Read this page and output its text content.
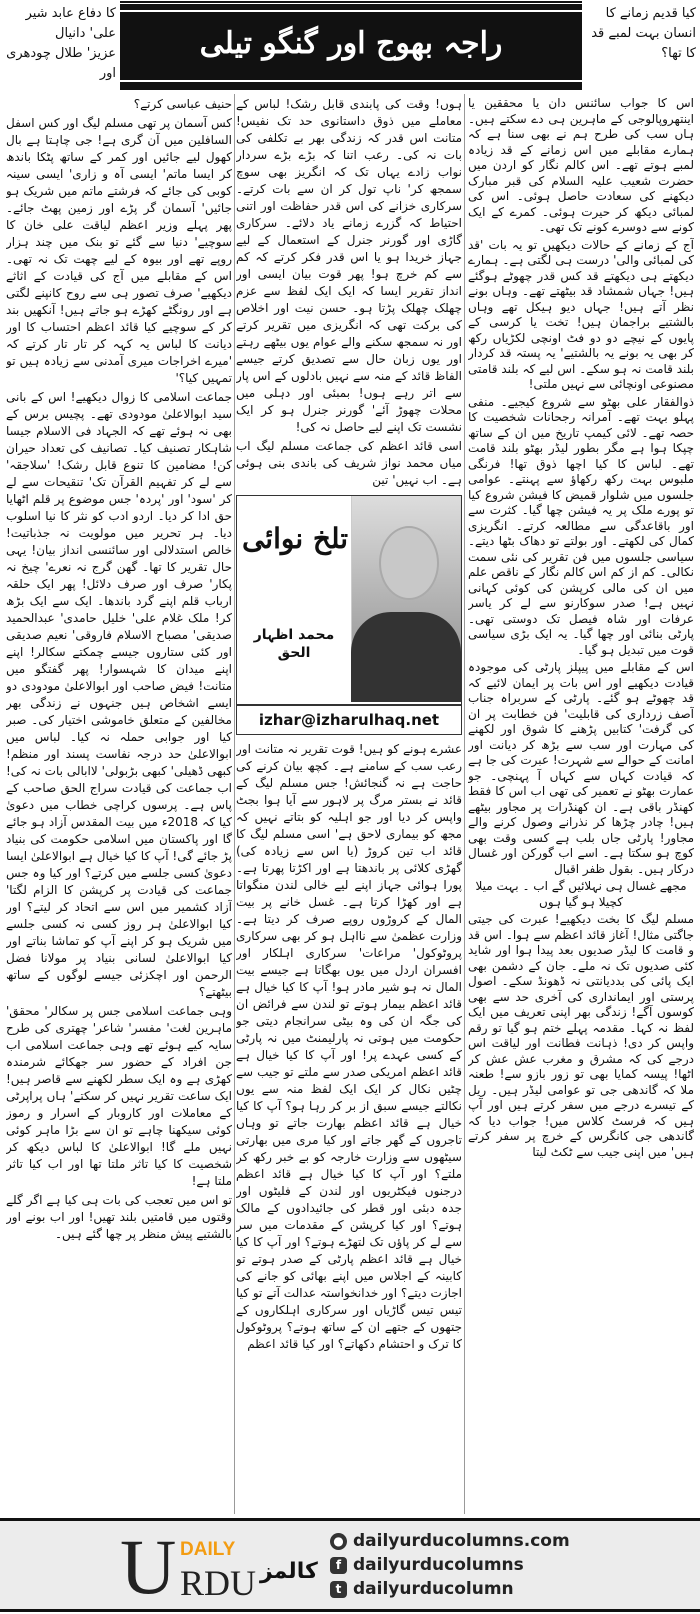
کیا قدیم زمانے کا
انسان بہت لمبے قد کا تھا؟
راجہ بھوج اور گنگو تیلی
کا دفاع عابد شیر علی' دانیال
عزیز' طلال چودھری اور

اس کا جواب سائنس دان یا محققین یا اینتھروپالوجی کے ماہرین ہی دے سکتے ہیں۔ ہاں سب کی طرح ہم نے بھی سنا ہے کہ ہمارے مقابلے میں اس زمانے کے قد زیادہ لمبے ہوتے تھے۔ اس کالم نگار کو اردن میں حضرت شعیب علیہ السلام کی قبر مبارک دیکھنے کی سعادت حاصل ہوئی۔ اس کی لمبائی دیکھ کر حیرت ہوئی۔ کمرے کے ایک کونے سے دوسرے کونے تک تھی۔

آج کے زمانے کے حالات دیکھیں تو یہ بات 'قد کی لمبائی والی' درست ہی لگتی ہے۔ ہمارے دیکھتے ہی دیکھتے قد کس قدر چھوٹے ہوگئے ہیں! جہاں شمشاد قد بیٹھتے تھے۔ وہاں بونے نظر آتے ہیں! جہاں دیو ہیکل تھے وہاں بالشتیے براجمان ہیں! تخت یا کرسی کے پایوں کے نیچے دو دو فٹ اونچی لکڑیاں رکھ کر بھی یہ بونے یہ بالشتیے' یہ پستہ قد کردار بلند قامت نہ ہو سکے۔ اس لیے کہ بلند قامتی مصنوعی اونچائی سے نہیں ملتی!

ذوالفقار علی بھٹو سے شروع کیجیے۔ منفی پہلو بہت تھے۔ آمرانہ رجحانات شخصیت کا حصہ تھے۔ لائی کیمپ تاریخ میں ان کے ساتھ چپکا ہوا ہے مگر بطور لیڈر بھٹو بلند قامت تھے۔ لباس کا کیا اچھا ذوق تھا! فرنگی ملبوس بہت رکھ رکھاؤ سے پہنتے۔ عوامی جلسوں میں شلوار قمیض کا فیشن شروع کیا تو پورے ملک پر یہ فیشن چھا گیا۔ کثرت سے اور باقاعدگی سے مطالعہ کرتے۔ انگریزی کمال کی لکھتے۔ اور بولتے تو دھاک بٹھا دیتے۔ سیاسی جلسوں میں فن تقریر کی نئی سمت نکالی۔ کم از کم اس کالم نگار کے ناقص علم میں ان کی مالی کرپشن کی کوئی کہانی نہیں ہے! صدر سوکارنو سے لے کر یاسر عرفات اور شاہ فیصل تک دوستی تھی۔ پارٹی بنائی اور چھا گیا۔ یہ ایک بڑی سیاسی قوت میں تبدیل ہو گیا۔

اس کے مقابلے میں پیپلز پارٹی کی موجودہ قیادت دیکھیے اور اس بات پر ایمان لائیے کہ قد چھوٹے ہو گئے۔ پارٹی کے سربراہ جناب آصف زرداری کی قابلیت' فن خطابت پر ان کی گرفت' کتابیں پڑھنے کا شوق اور لکھنے کی مہارت اور سب سے بڑھ کر دیانت اور امانت کے حوالے سے شہرت! عبرت کی جا ہے کہ قیادت کہاں سے کہاں آ پہنچی۔ جو عمارت بھٹو نے تعمیر کی تھی اب اس کا فقط کھنڈر باقی ہے۔ ان کھنڈرات پر مجاور بیٹھے ہیں! چادر چڑھا کر نذرانے وصول کرنے والے مجاور! پارٹی جاں بلب ہے کسی وقت بھی کوچ ہو سکتا ہے۔ اسے اب گورکن اور غسال درکار ہیں۔ بقول ظفر اقبال

مجھے غسال ہی نہلائیں گے اب ۔ بہت میلا کچیلا ہو گیا ہوں

مسلم لیگ کا بخت دیکھیے! عبرت کی جیتی جاگتی مثال! آغاز قائد اعظم سے ہوا۔ اس قد و قامت کا لیڈر صدیوں بعد پیدا ہوا اور شاید کئی صدیوں تک نہ ملے۔ جان کے دشمن بھی ایک پائی کی بددیانتی نہ ڈھونڈ سکے۔ اصول پرستی اور ایمانداری کی آخری حد سے بھی کوسوں آگے! زندگی بھر اپنی تعریف میں ایک لفظ نہ کہا۔ مقدمہ پہلے ختم ہو گیا تو رقم واپس کر دی! ذہانت فطانت اور لیاقت اس درجے کی کہ مشرق و مغرب عش عش کر اٹھا! پیسہ کمایا بھی تو زور بازو سے! طعنہ ملا کہ گاندھی جی تو عوامی لیڈر ہیں۔ ریل کے تیسرے درجے میں سفر کرتے ہیں اور آپ ہیں کہ فرسٹ کلاس میں! جواب دیا کہ گاندھی جی کانگرس کے خرچ پر سفر کرتے ہیں' میں اپنی جیب سے ٹکٹ لیتا

ہوں! وقت کی پابندی قابل رشک! لباس کے معاملے میں ذوق داستانوی حد تک نفیس! متانت اس قدر کہ زندگی بھر بے تکلفی کی بات نہ کی۔ رعب اتنا کہ بڑے بڑے سردار نواب زادے یہاں تک کہ انگریز بھی سوچ سمجھ کر' ناپ تول کر ان سے بات کرتے۔ سرکاری خزانے کی اس قدر حفاظت اور اتنی احتیاط کہ گزرے زمانے یاد دلائے۔ سرکاری گاڑی اور گورنر جنرل کے استعمال کے لیے جہاز خریدا ہو یا اس قدر فکر کرتے کہ کم سے کم خرچ ہو! پھر قوت بیان ایسی اور انداز تقریر ایسا کہ ایک ایک لفظ سے عزم چھلک چھلک پڑتا ہو۔ حسن نیت اور اخلاص کی برکت تھی کہ انگریزی میں تقریر کرتے اور نہ سمجھ سکنے والے عوام یوں بیٹھے رہتے اور یوں زبان حال سے تصدیق کرتے جیسے الفاظ قائد کے منہ سے نہیں بادلوں کے اس پار سے اتر رہے ہوں! بمبئی اور دہلی میں محلات چھوڑ آئے' گورنر جنرل ہو کر ایک نشست تک اپنے لیے حاصل نہ کی!

اسی قائد اعظم کی جماعت مسلم لیگ اب میاں محمد نواز شریف کی باندی بنی ہوئی ہے۔ اب نہیں' تین

تلخ نوائی
محمد اظہار الحق
izhar@izharulhaq.net

عشرے ہونے کو ہیں! قوت تقریر نہ متانت اور رعب سب کے سامنے ہے۔ کچھ بیان کرنے کی حاجت ہے نہ گنجائش! جس مسلم لیگ کے قائد نے بستر مرگ پر لاہور سے آیا ہوا بجٹ واپس کر دیا اور جو اہلیہ کو بتاتے نہیں کہ مجھ کو بیماری لاحق ہے' اسی مسلم لیگ کا قائد اب تین کروڑ (یا اس سے زیادہ کی) گھڑی کلائی پر باندھتا ہے اور اکڑتا پھرتا ہے۔ پورا ہوائی جہاز اپنے لیے خالی لندن منگواتا ہے اور کھڑا کرتا ہے۔ غسل خانے پر بیت المال کے کروڑوں روپے صرف کر دیتا ہے۔ وزارت عظمیٰ سے نااہل ہو کر بھی سرکاری پروٹوکول' مراعات' سرکاری اہلکار اور افسران اردل میں یوں بھگاتا ہے جیسے بیت المال نہ ہو شیر مادر ہو! آپ کا کیا خیال ہے قائد اعظم بیمار ہوتے تو لندن سے فرائض ان کی جگہ ان کی وہ بیٹی سرانجام دیتی جو حکومت میں ہوتی نہ پارلیمنٹ میں نہ پارٹی کے کسی عہدے پر! اور آپ کا کیا خیال ہے قائد اعظم امریکی صدر سے ملتے تو جیب سے چٹیں نکال کر ایک ایک لفظ منہ سے یوں نکالتے جیسے سبق از بر کر رہا ہو؟ آپ کا کیا خیال ہے قائد اعظم بھارت جاتے تو وہاں تاجروں کے گھر جاتے اور کیا مری میں بھارتی سیٹھوں سے وزارت خارجہ کو بے خبر رکھ کر ملتے؟ اور آپ کا کیا خیال ہے قائد اعظم درجنوں فیکٹریوں اور لندن کے فلیٹوں اور جدہ دبئی اور قطر کی جائیدادوں کے مالک ہوتے؟ اور کیا کرپشن کے مقدمات میں سر سے لے کر پاؤں تک لتھڑے ہوتے؟ اور آپ کا کیا خیال ہے قائد اعظم پارٹی کے صدر ہوتے تو کابینہ کے اجلاس میں اپنے بھائی کو جانے کی اجازت دیتے؟ اور خدانخواستہ عدالت آتے تو کیا تیس تیس گاڑیاں اور سرکاری اہلکاروں کے جتھوں کے جتھے ان کے ساتھ ہوتے؟ پروٹوکول کا ترک و احتشام دکھاتے؟ اور کیا قائد اعظم

حنیف عباسی کرتے؟

کس آسمان پر تھی مسلم لیگ اور کس اسفل السافلین میں آن گری ہے! جی چاہتا ہے بال کھول لیے جائیں اور کمر کے ساتھ پٹکا باندھ کر ایسا ماتم' ایسی آہ و زاری' ایسی سینہ کوبی کی جائے کہ فرشتے ماتم میں شریک ہو جائیں' آسمان گر پڑے اور زمین پھٹ جائے۔ پھر پہلے وزیر اعظم لیاقت علی خان کا سوچیے' دنیا سے گئے تو بنک میں چند ہزار روپے تھے اور بیوہ کے لیے چھت تک نہ تھی۔ اس کے مقابلے میں آج کی قیادت کے اثاثے دیکھیے' صرف تصور ہی سے روح کانپنے لگتی ہے اور رونگٹے کھڑے ہو جاتے ہیں! آنکھیں بند کر کے سوچیے کیا قائد اعظم احتساب کا اور دیانت کا لباس یہ کہہ کر تار تار کرتے کہ 'میرے اخراجات میری آمدنی سے زیادہ ہیں تو تمہیں کیا؟'

جماعت اسلامی کا زوال دیکھیے! اس کے بانی سید ابوالاعلیٰ مودودی تھے۔ پچیس برس کے بھی نہ ہوئے تھے کہ الجہاد فی الاسلام جیسا شاہکار تصنیف کیا۔ تصانیف کی تعداد حیران کن! مضامین کا تنوع قابل رشک! 'سلاجقہ' سے لے کر تفہیم القرآن تک' تنقیحات سے لے کر 'سود' اور 'پردہ' جس موضوع پر قلم اٹھایا حق ادا کر دیا۔ اردو ادب کو نثر کا نیا اسلوب دیا۔ ہر تحریر میں مولویت نہ جذباتیت! خالص استدلالی اور سائنسی انداز بیان! یہی حال تقریر کا تھا۔ گھن گرج نہ نعرے' چیخ نہ پکار' صرف اور صرف دلائل! پھر ایک حلقہ ارباب قلم اپنے گرد باندھا۔ ایک سے ایک بڑھ کر! ملک غلام علی' خلیل حامدی' عبدالحمید صدیقی' مصباح الاسلام فاروقی' نعیم صدیقی اور کئی ستاروں جیسے چمکتے سکالر! اپنے اپنے میدان کا شہسوار! پھر گفتگو میں متانت! فیض صاحب اور ابوالاعلیٰ مودودی دو ایسے اشخاص ہیں جنہوں نے زندگی بھر مخالفین کے متعلق خاموشی اختیار کی۔ صبر کیا اور جوابی حملہ نہ کیا۔ لباس میں ابوالاعلیٰ حد درجہ نفاست پسند اور منظم! کبھی ڈھیلی' کبھی بڑبولی' لاابالی بات نہ کی! اب جماعت کی قیادت سراج الحق صاحب کے پاس ہے۔ پرسوں کراچی خطاب میں دعویٰ کیا کہ 2018ء میں بیت المقدس آزاد ہو جائے گا اور پاکستان میں اسلامی حکومت کی بنیاد پڑ جائے گی! آپ کا کیا خیال ہے ابوالاعلیٰ ایسا دعویٰ کسی جلسے میں کرتے؟ اور کیا وہ جس جماعت کی قیادت پر کرپشن کا الزام لگتا' آزاد کشمیر میں اس سے اتحاد کر لیتے؟ اور کیا ابوالاعلیٰ ہر روز کسی نہ کسی جلسے میں شریک ہو کر اپنے آپ کو تماشا بناتے اور کیا ابوالاعلیٰ لسانی بنیاد پر مولانا فضل الرحمن اور اچکزئی جیسے لوگوں کے ساتھ بیٹھتے؟

وہی جماعت اسلامی جس پر سکالر' محقق' ماہرین لغت' مفسر' شاعر' چھتری کی طرح سایہ کیے ہوئے تھے وہی جماعت اسلامی اب جن افراد کے حضور سر جھکائے شرمندہ کھڑی ہے وہ ایک سطر لکھنے سے قاصر ہیں! ایک ساعت تقریر نہیں کر سکتے' ہاں پراپرٹی کے معاملات اور کاروبار کے اسرار و رموز کوئی سیکھنا چاہے تو ان سے بڑا ماہر کوئی نہیں ملے گا! ابوالاعلیٰ کا لباس دیکھ کر شخصیت کا کیا تاثر ملتا تھا اور اب کیا تاثر ملتا ہے!

تو اس میں تعجب کی بات ہی کیا ہے اگر گلے وقتوں میں قامتیں بلند تھیں! اور اب بونے اور بالشتیے پیش منظر پر چھا گئے ہیں۔

U DAILY
RDU کالمز
● dailyurducolumns.com
f dailyurducolumns
t dailyurducolumn
